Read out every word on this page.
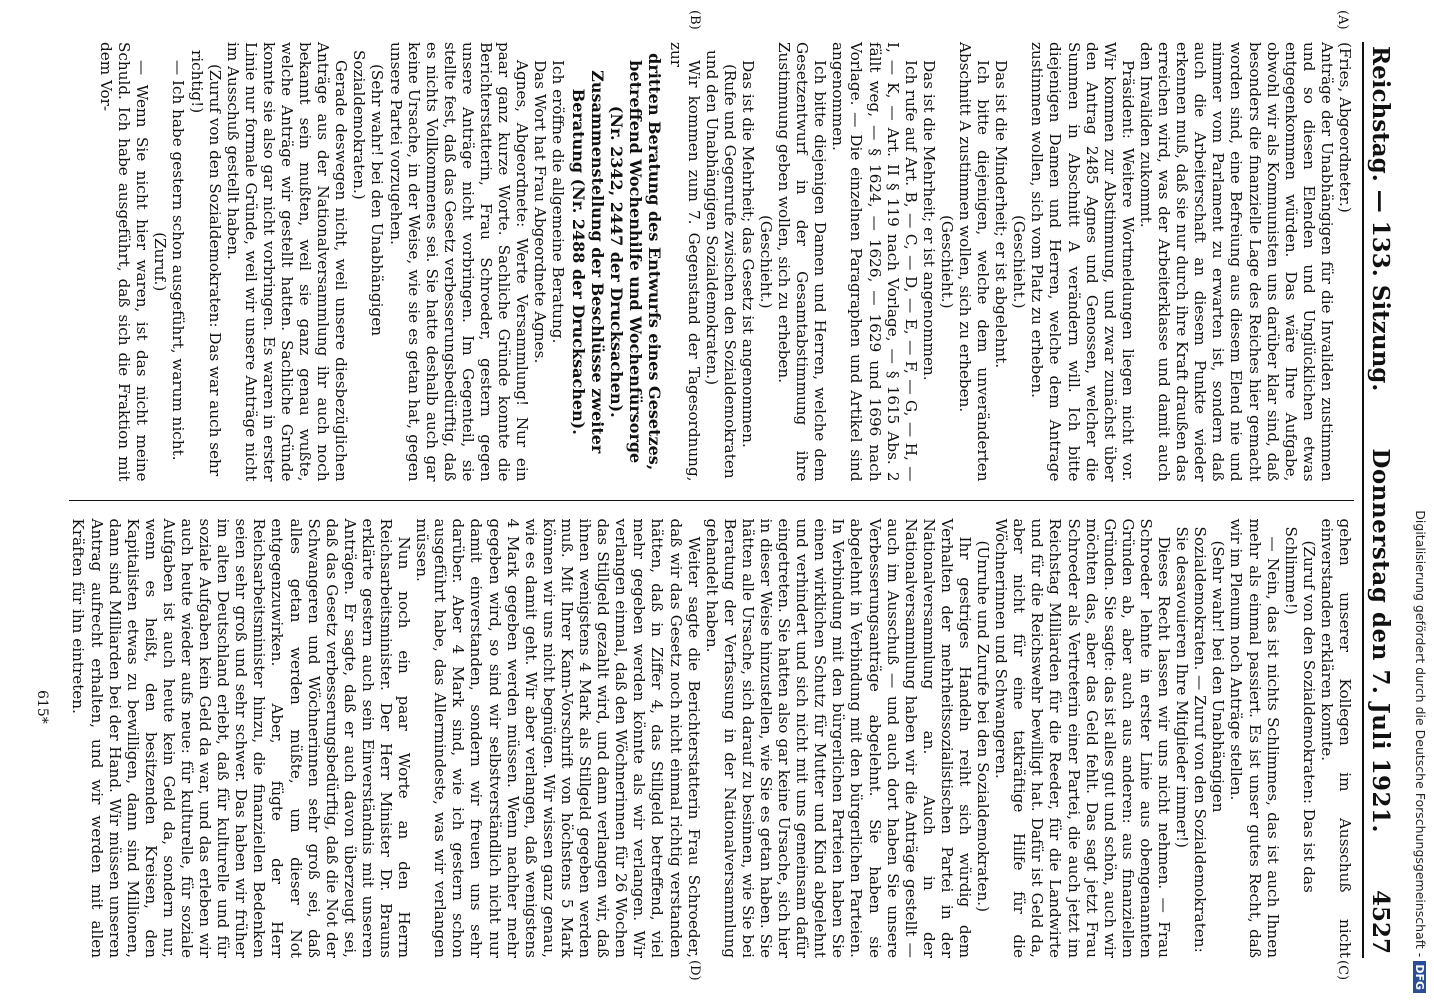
Reichstag. — 133. Sitzung.
Donnerstag den 7. Juli 1921.
4527

(Fries, Abgeordneter.)

Anträge der Unabhängigen für die Invaliden zustimmen und so diesen Elenden und Unglücklichen etwas entgegenkommen würden. Das wäre Ihre Aufgabe, obwohl wir als Kommunisten uns darüber klar sind, daß besonders die finanzielle Lage des Reiches hier gemacht worden sind, eine Befreiung aus diesem Elend nie und nimmer vom Parlament zu erwarten ist, sondern daß auch die Arbeiterschaft an diesem Punkte wieder erkennen muß, daß sie nur durch ihre Kraft draußen das erreichen wird, was der Arbeiterklasse und damit auch den Invaliden zukommt.

Präsident: Weitere Wortmeldungen liegen nicht vor. Wir kommen zur Abstimmung, und zwar zunächst über den Antrag 2485 Agnes und Genossen, welcher die Summen in Abschnitt A verändern will. Ich bitte diejenigen Damen und Herren, welche dem Antrage zustimmen wollen, sich vom Platz zu erheben.

(Geschieht.)

Das ist die Minderheit; er ist abgelehnt.

Ich bitte diejenigen, welche dem unveränderten Abschnitt A zustimmen wollen, sich zu erheben.

(Geschieht.)

Das ist die Mehrheit; er ist angenommen.

Ich rufe auf Art. B, — C, — D, — E, — F, — G, — H, — I, — K, — Art. II § 119 nach Vorlage, — § 1615 Abs. 2 fällt weg, — § 1624, — 1626, — 1629 und 1696 nach Vorlage. — Die einzelnen Paragraphen und Artikel sind angenommen.

Ich bitte diejenigen Damen und Herren, welche dem Gesetzentwurf in der Gesamtabstimmung ihre Zustimmung geben wollen, sich zu erheben.

(Geschieht.)

Das ist die Mehrheit; das Gesetz ist angenommen.

(Rufe und Gegenrufe zwischen den Sozialdemokraten und den Unabhängigen Sozialdemokraten.)

Wir kommen zum 7. Gegenstand der Tagesordnung, zur

dritten Beratung des Entwurfs eines Gesetzes, betreffend Wochenhilfe und Wochenfürsorge (Nr. 2342, 2447 der Drucksachen). Zusammenstellung der Beschlüsse zweiter Beratung (Nr. 2488 der Drucksachen).

Ich eröffne die allgemeine Beratung.

Das Wort hat Frau Abgeordnete Agnes.

Agnes, Abgeordnete: Werte Versammlung! Nur ein paar ganz kurze Worte. Sachliche Gründe konnte die Berichterstatterin, Frau Schroeder, gestern gegen unsere Anträge nicht vorbringen. Im Gegenteil, sie stellte fest, daß das Gesetz verbesserungsbedürftig, daß es nichts Vollkommenes sei. Sie hatte deshalb auch gar keine Ursache, in der Weise, wie sie es getan hat, gegen unsere Partei vorzugehen.

(Sehr wahr! bei den Unabhängigen Sozialdemokraten.)

Gerade deswegen nicht, weil unsere diesbezüglichen Anträge aus der Nationalversammlung ihr auch noch bekannt sein mußten, weil sie ganz genau wußte, welche Anträge wir gestellt hatten. Sachliche Gründe konnte sie also gar nicht vorbringen. Es waren in erster Linie nur formale Gründe, weil wir unsere Anträge nicht im Ausschuß gestellt haben.

(Zuruf von den Sozialdemokraten: Das war auch sehr richtig!)

— Ich habe gestern schon ausgeführt, warum nicht.

(Zuruf.)

— Wenn Sie nicht hier waren, ist das nicht meine Schuld. Ich habe ausgeführt, daß sich die Fraktion mit dem Vor-

gehen unserer Kollegen im Ausschuß nicht einverstanden erklären konnte.

(Zuruf von den Sozialdemokraten: Das ist das Schlimme!)

— Nein, das ist nichts Schlimmes, das ist auch Ihnen mehr als einmal passiert. Es ist unser gutes Recht, daß wir im Plenum noch Anträge stellen.

(Sehr wahr! bei den Unabhängigen Sozialdemokraten. — Zuruf von den Sozialdemokraten: Sie desavouieren Ihre Mitglieder immer!)

Dieses Recht lassen wir uns nicht nehmen. — Frau Schroeder lehnte in erster Linie aus obengenannten Gründen ab, aber auch aus anderen: aus finanziellen Gründen. Sie sagte: das ist alles gut und schön, auch wir möchten das, aber das Geld fehlt. Das sagt jetzt Frau Schroeder als Vertreterin einer Partei, die auch jetzt im Reichstag Milliarden für die Reeder, für die Landwirte und für die Reichswehr bewilligt hat. Dafür ist Geld da, aber nicht für eine tatkräftige Hilfe für die Wöchnerinnen und Schwangeren.

(Unruhe und Zurufe bei den Sozialdemokraten.)

Ihr gestriges Handeln reiht sich würdig dem Verhalten der mehrheitssozialistischen Partei in der Nationalversammlung an. Auch in der Nationalversammlung haben wir die Anträge gestellt — auch im Ausschuß — und auch dort haben Sie unsere Verbesserungsanträge abgelehnt. Sie haben sie abgelehnt in Verbindung mit den bürgerlichen Parteien. In Verbindung mit den bürgerlichen Parteien haben Sie einen wirklichen Schutz für Mutter und Kind abgelehnt und verhindert und sich nicht mit uns gemeinsam dafür eingetreten. Sie hatten also gar keine Ursache, sich hier in dieser Weise hinzustellen, wie Sie es getan haben. Sie hätten alle Ursache, sich darauf zu besinnen, wie Sie bei Beratung der Verfassung in der Nationalversammlung gehandelt haben.

Weiter sagte die Berichterstatterin Frau Schroeder, daß wir das Gesetz noch nicht einmal richtig verstanden hätten, daß in Ziffer 4, das Stillgeld betreffend, viel mehr gegeben werden könnte als wir verlangen. Wir verlangen einmal, daß den Wöchnerinnen für 26 Wochen das Stillgeld gezahlt wird, und dann verlangen wir, daß ihnen wenigstens 4 Mark als Stillgeld gegeben werden muß. Mit Ihrer Kann-Vorschrift von höchstens 5 Mark können wir uns nicht begnügen. Wir wissen ganz genau, wie es damit geht. Wir aber verlangen, daß wenigstens 4 Mark gegeben werden müssen. Wenn nachher mehr gegeben wird, so sind wir selbstverständlich nicht nur damit einverstanden, sondern wir freuen uns sehr darüber. Aber 4 Mark sind, wie ich gestern schon ausgeführt habe, das Allermindeste, was wir verlangen müssen.

Nun noch ein paar Worte an den Herrn Reichsarbeitsminister. Der Herr Minister Dr. Brauns erklärte gestern auch sein Einverständnis mit unseren Anträgen. Er sagte, daß er auch davon überzeugt sei, daß das Gesetz verbesserungsbedürftig, daß die Not der Schwangeren und Wöchnerinnen sehr groß sei, daß alles getan werden müßte, um dieser Not entgegenzuwirken. Aber, fügte der Herr Reichsarbeitsminister hinzu, die finanziellen Bedenken seien sehr groß und sehr schwer. Das haben wir früher im alten Deutschland erlebt, daß für kulturelle und für soziale Aufgaben kein Geld da war, und das erleben wir auch heute wieder aufs neue: für kulturelle, für soziale Aufgaben ist auch heute kein Geld da, sondern nur, wenn es heißt, den besitzenden Kreisen, den Kapitalisten etwas zu bewilligen, dann sind Millionen, dann sind Milliarden bei der Hand. Wir müssen unseren Antrag aufrecht erhalten, und wir werden mit allen Kräften für ihn eintreten.

(A)
(B)
(C)
(D)
615*	Digitalisierung gefördert durch die Deutsche Forschungsgemeinschaft - DFG
